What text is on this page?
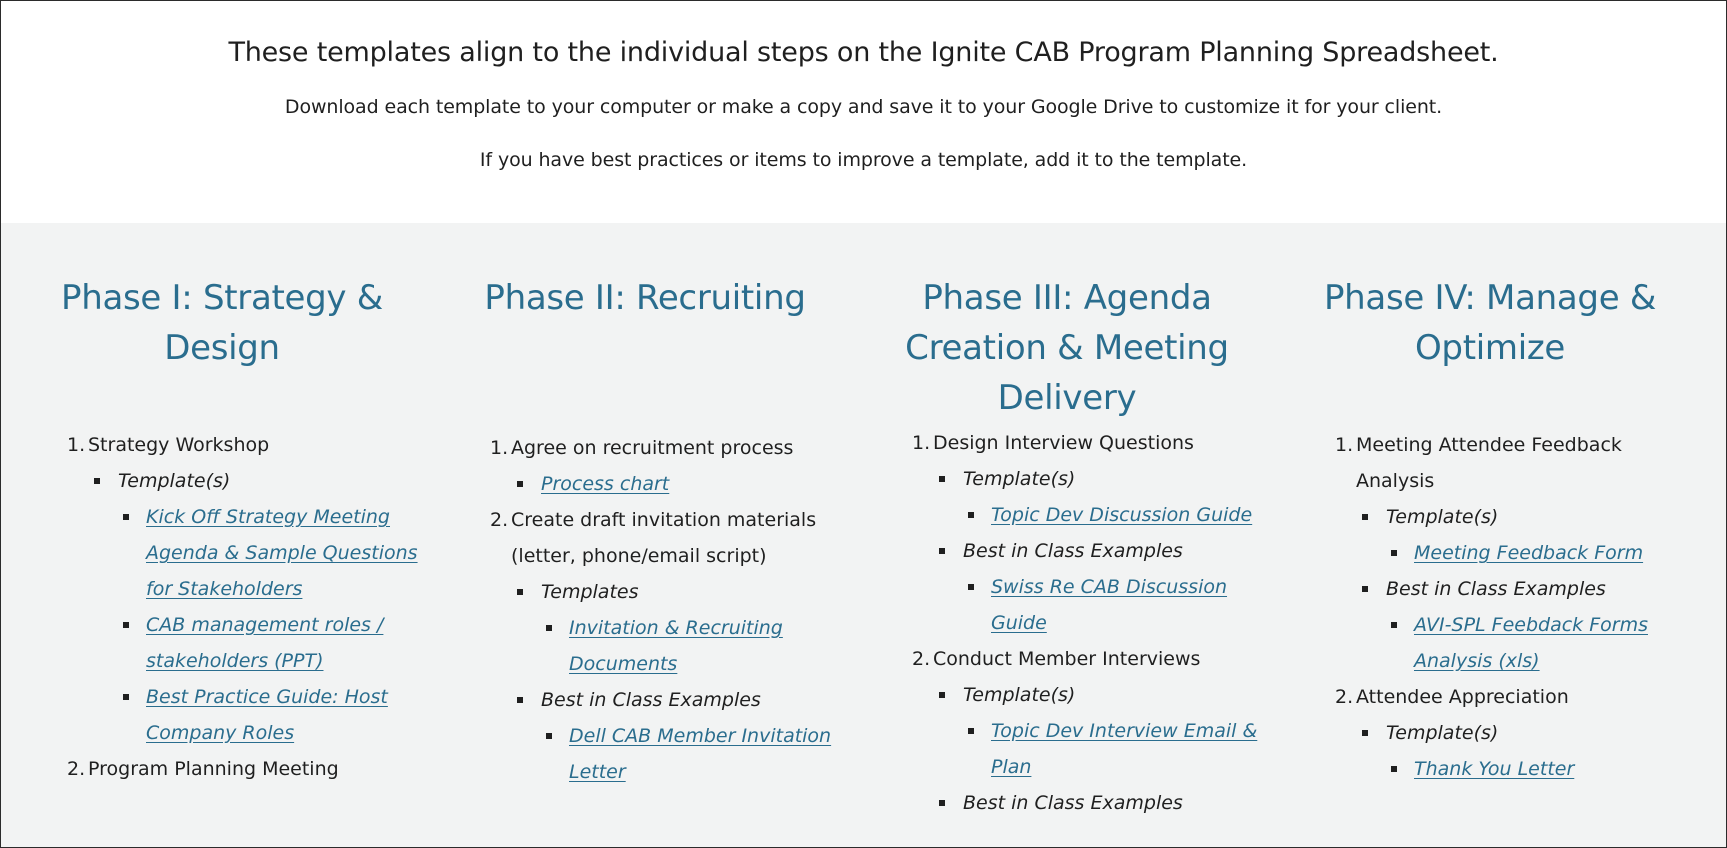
These templates align to the individual steps on the Ignite CAB Program Planning Spreadsheet.
Download each template to your computer or make a copy and save it to your Google Drive to customize it for your client.
If you have best practices or items to improve a template, add it to the template.
Phase I: Strategy & Design
1. Strategy Workshop
Template(s)
Kick Off Strategy Meeting Agenda & Sample Questions for Stakeholders
CAB management roles / stakeholders (PPT)
Best Practice Guide: Host Company Roles
2. Program Planning Meeting
Phase II: Recruiting
1. Agree on recruitment process
Process chart
2. Create draft invitation materials (letter, phone/email script)
Templates
Invitation & Recruiting Documents
Best in Class Examples
Dell CAB Member Invitation Letter
Phase III: Agenda Creation & Meeting Delivery
1. Design Interview Questions
Template(s)
Topic Dev Discussion Guide
Best in Class Examples
Swiss Re CAB Discussion Guide
2. Conduct Member Interviews
Template(s)
Topic Dev Interview Email & Plan
Best in Class Examples
Phase IV: Manage & Optimize
1. Meeting Attendee Feedback Analysis
Template(s)
Meeting Feedback Form
Best in Class Examples
AVI-SPL Feebdack Forms Analysis (xls)
2. Attendee Appreciation
Template(s)
Thank You Letter
